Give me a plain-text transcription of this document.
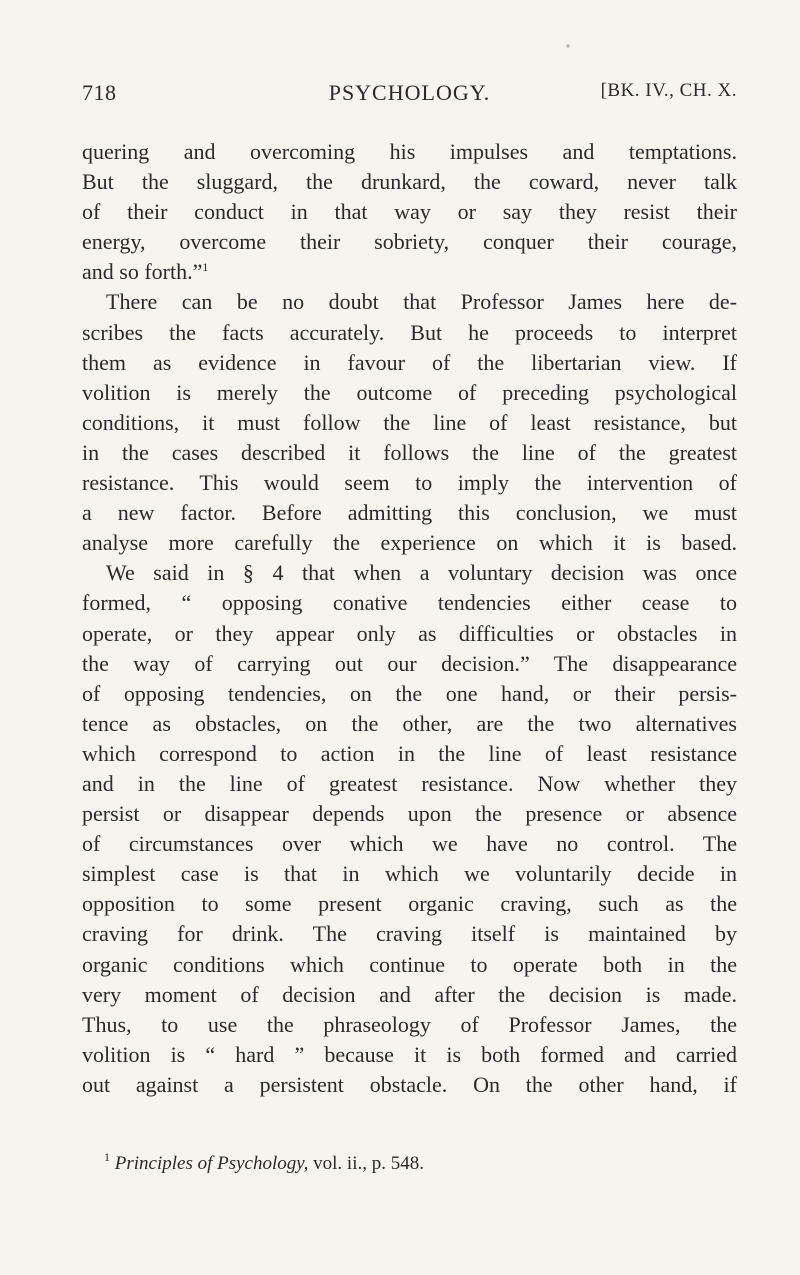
718	PSYCHOLOGY.	[BK. IV., CH. X.
quering and overcoming his impulses and temptations.
But the sluggard, the drunkard, the coward, never talk
of their conduct in that way or say they resist their
energy, overcome their sobriety, conquer their courage,
and so forth.”$^1$
There can be no doubt that Professor James here de-
scribes the facts accurately. But he proceeds to interpret
them as evidence in favour of the libertarian view. If
volition is merely the outcome of preceding psychological
conditions, it must follow the line of least resistance, but
in the cases described it follows the line of the greatest
resistance. This would seem to imply the intervention of
a new factor. Before admitting this conclusion, we must
analyse more carefully the experience on which it is based.
We said in § 4 that when a voluntary decision was once
formed, “ opposing conative tendencies either cease to
operate, or they appear only as difficulties or obstacles in
the way of carrying out our decision.” The disappearance
of opposing tendencies, on the one hand, or their persis-
tence as obstacles, on the other, are the two alternatives
which correspond to action in the line of least resistance
and in the line of greatest resistance. Now whether they
persist or disappear depends upon the presence or absence
of circumstances over which we have no control. The
simplest case is that in which we voluntarily decide in
opposition to some present organic craving, such as the
craving for drink. The craving itself is maintained by
organic conditions which continue to operate both in the
very moment of decision and after the decision is made.
Thus, to use the phraseology of Professor James, the
volition is “ hard ” because it is both formed and carried
out against a persistent obstacle. On the other hand, if
$^1$ Principles of Psychology, vol. ii., p. 548.
